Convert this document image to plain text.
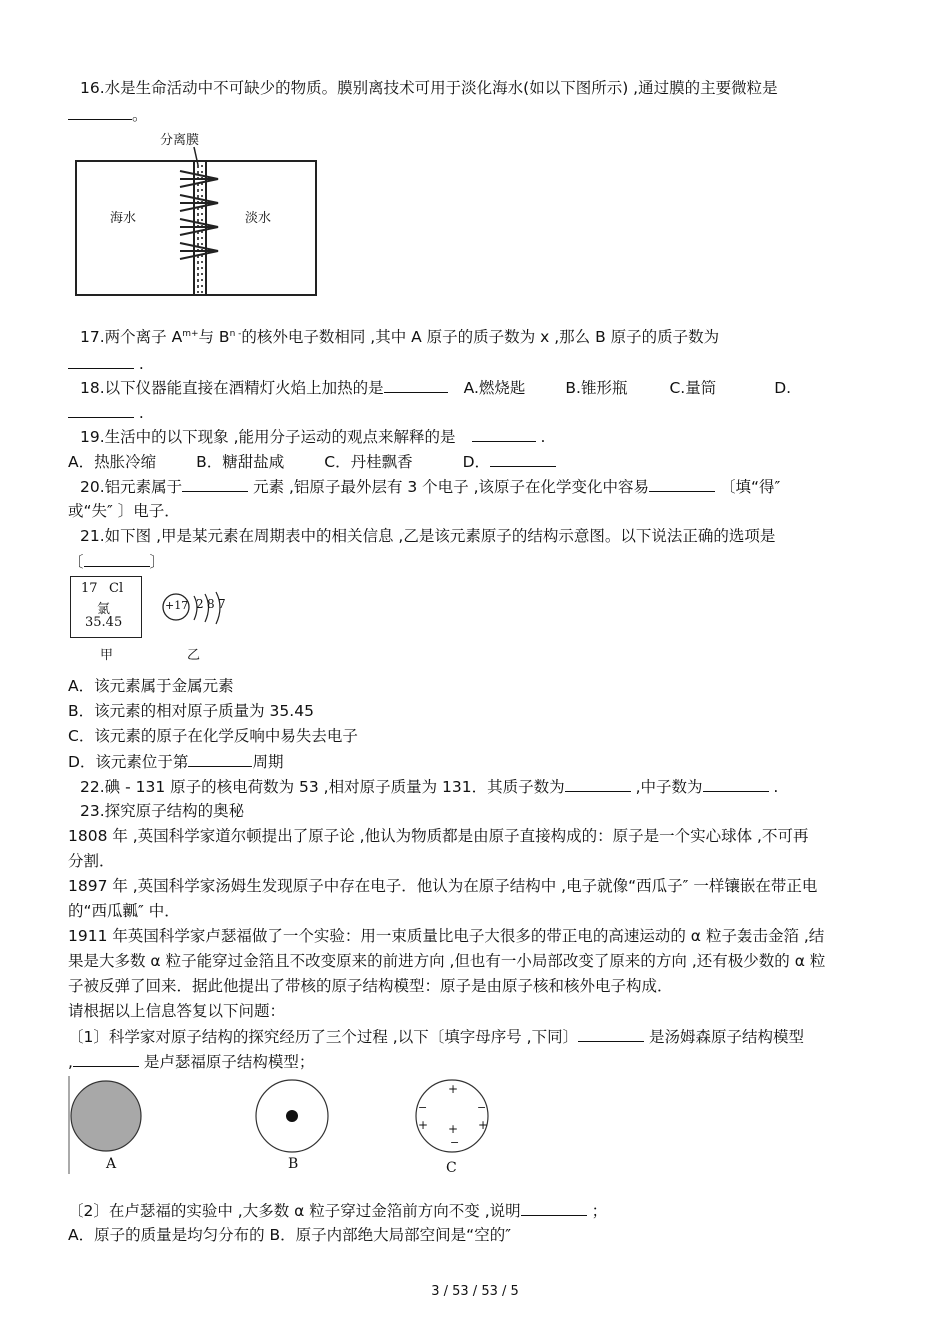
16.水是生命活动中不可缺少的物质。膜别离技术可用于淡化海水(如以下图所示) ,通过膜的主要微粒是
。
分离膜
海水	淡水
17.两个离子 $A^{m+}$与 $B^{n -}$的核外电子数相同 ,其中 A 原子的质子数为 x ,那么 B 原子的质子数为
.
18.以下仪器能直接在酒精灯火焰上加热的是	A.燃烧匙	B.锥形瓶	C.量筒	D.
.
19.生活中的以下现象 ,能用分子运动的观点来解释的是	.
A．热胀冷缩	B．糖甜盐咸	C．丹桂飘香	D．
20.铝元素属于	元素 ,铝原子最外层有 3 个电子 ,该原子在化学变化中容易	〔填“得″
或“失″ 〕电子．
21.如下图 ,甲是某元素在周期表中的相关信息 ,乙是该元素原子的结构示意图。以下说法正确的选项是
〔	〕
17 Cl
氯
35.45
+17 2 8 7
甲	乙
A．该元素属于金属元素
B．该元素的相对原子质量为 35.45
C．该元素的原子在化学反响中易失去电子
D．该元素位于第	周期
22.碘 - 131 原子的核电荷数为 53 ,相对原子质量为 131．其质子数为	,中子数为	.
23.探究原子结构的奥秘
1808 年 ,英国科学家道尔顿提出了原子论 ,他认为物质都是由原子直接构成的：原子是一个实心球体 ,不可再
分割．
1897 年 ,英国科学家汤姆生发现原子中存在电子．他认为在原子结构中 ,电子就像“西瓜子″ 一样镶嵌在带正电
的“西瓜瓤″ 中．
1911 年英国科学家卢瑟福做了一个实验：用一束质量比电子大很多的带正电的高速运动的 α 粒子轰击金箔 ,结
果是大多数 α 粒子能穿过金箔且不改变原来的前进方向 ,但也有一小局部改变了原来的方向 ,还有极少数的 α 粒
子被反弹了回来．据此他提出了带核的原子结构模型：原子是由原子核和核外电子构成．
请根据以上信息答复以下问题：
〔1〕科学家对原子结构的探究经历了三个过程 ,以下〔填字母序号 ,下同〕	是汤姆森原子结构模型
,	是卢瑟福原子结构模型；
−
+
−
+	+
−
+
A	B	C
〔2〕在卢瑟福的实验中 ,大多数 α 粒子穿过金箔前方向不变 ,说明	；
A．原子的质量是均匀分布的 B．原子内部绝大局部空间是“空的″
3 / 53 / 53 / 5
